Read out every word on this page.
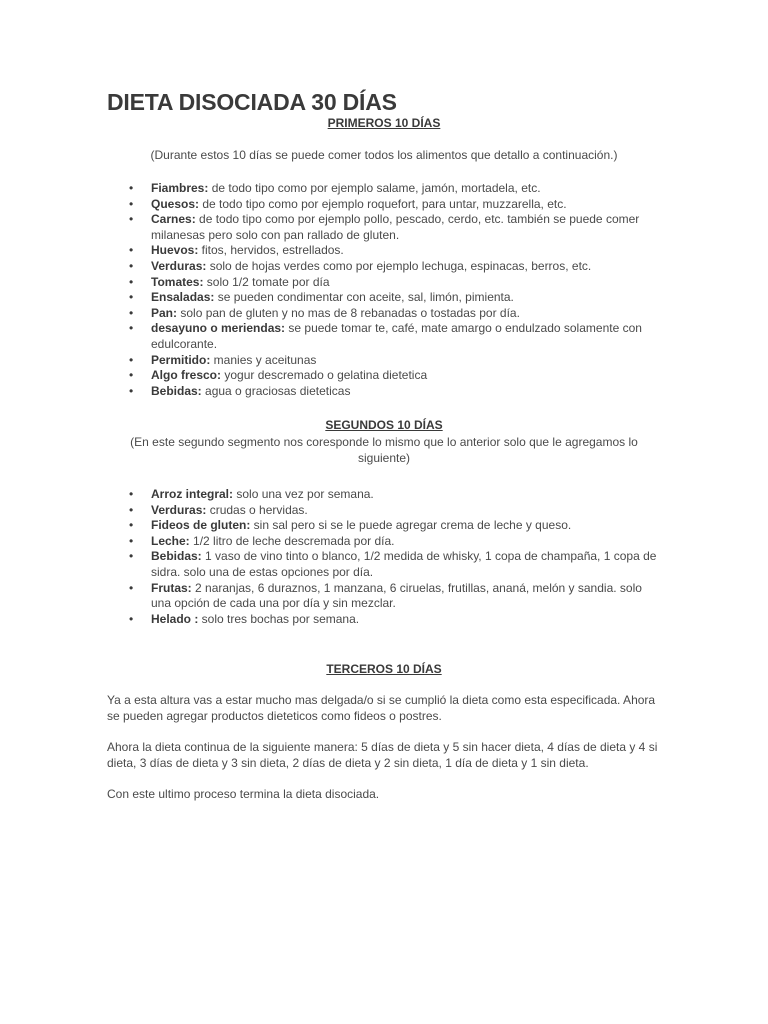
DIETA DISOCIADA 30 DÍAS
PRIMEROS 10 DÍAS

(Durante estos 10 días se puede comer todos los alimentos que detallo a continuación.)

• Fiambres: de todo tipo como por ejemplo salame, jamón, mortadela, etc.
• Quesos: de todo tipo como por ejemplo roquefort, para untar, muzzarella, etc.
• Carnes: de todo tipo como por ejemplo pollo, pescado, cerdo, etc. también se puede comer milanesas pero solo con pan rallado de gluten.
• Huevos: fitos, hervidos, estrellados.
• Verduras: solo de hojas verdes como por ejemplo lechuga, espinacas, berros, etc.
• Tomates: solo 1/2 tomate por día
• Ensaladas: se pueden condimentar con aceite, sal, limón, pimienta.
• Pan: solo pan de gluten y no mas de 8 rebanadas o tostadas por día.
• desayuno o meriendas: se puede tomar te, café, mate amargo o endulzado solamente con edulcorante.
• Permitido: manies y aceitunas
• Algo fresco: yogur descremado o gelatina dietetica
• Bebidas: agua o graciosas dieteticas
SEGUNDOS 10 DÍAS

(En este segundo segmento nos coresponde lo mismo que lo anterior solo que le agregamos lo siguiente)

• Arroz integral: solo una vez por semana.
• Verduras: crudas o hervidas.
• Fideos de gluten: sin sal pero si se le puede agregar crema de leche y queso.
• Leche: 1/2 litro de leche descremada por día.
• Bebidas: 1 vaso de vino tinto o blanco, 1/2 medida de whisky, 1 copa de champaña, 1 copa de sidra. solo una de estas opciones por día.
• Frutas: 2 naranjas, 6 duraznos, 1 manzana, 6 ciruelas, frutillas, ananá, melón y sandia. solo una opción de cada una por día y sin mezclar.
• Helado : solo tres bochas por semana.
TERCEROS 10 DÍAS

Ya a esta altura vas a estar mucho mas delgada/o si se cumplió la dieta como esta especificada. Ahora se pueden agregar productos dieteticos como fideos o postres.

Ahora la dieta continua de la siguiente manera: 5 días de dieta y 5 sin hacer dieta, 4 días de dieta y 4 si dieta, 3 días de dieta y 3 sin dieta, 2 días de dieta y 2 sin dieta, 1 día de dieta y 1 sin dieta.

Con este ultimo proceso termina la dieta disociada.
